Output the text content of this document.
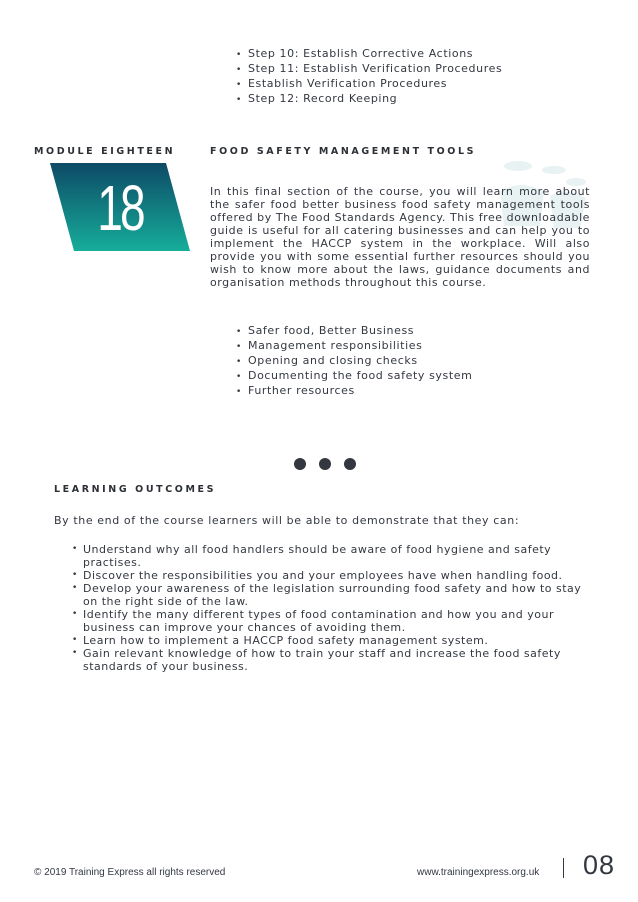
• Step 10: Establish Corrective Actions
• Step 11: Establish Verification Procedures
• Establish Verification Procedures
• Step 12: Record Keeping
MODULE EIGHTEEN	FOOD SAFETY MANAGEMENT TOOLS
18	In this final section of the course, you will learn more about the safer food better business food safety management tools offered by The Food Standards Agency. This free downloadable guide is useful for all catering businesses and can help you to implement the HACCP system in the workplace. Will also provide you with some essential further resources should you wish to know more about the laws, guidance documents and organisation methods throughout this course.

• Safer food, Better Business
• Management responsibilities
• Opening and closing checks
• Documenting the food safety system
• Further resources
LEARNING OUTCOMES

By the end of the course learners will be able to demonstrate that they can:

• Understand why all food handlers should be aware of food hygiene and safety practises.
• Discover the responsibilities you and your employees have when handling food.
• Develop your awareness of the legislation surrounding food safety and how to stay on the right side of the law.
• Identify the many different types of food contamination and how you and your business can improve your chances of avoiding them.
• Learn how to implement a HACCP food safety management system.
• Gain relevant knowledge of how to train your staff and increase the food safety standards of your business.
© 2019 Training Express all rights reserved	www.trainingexpress.org.uk 08
